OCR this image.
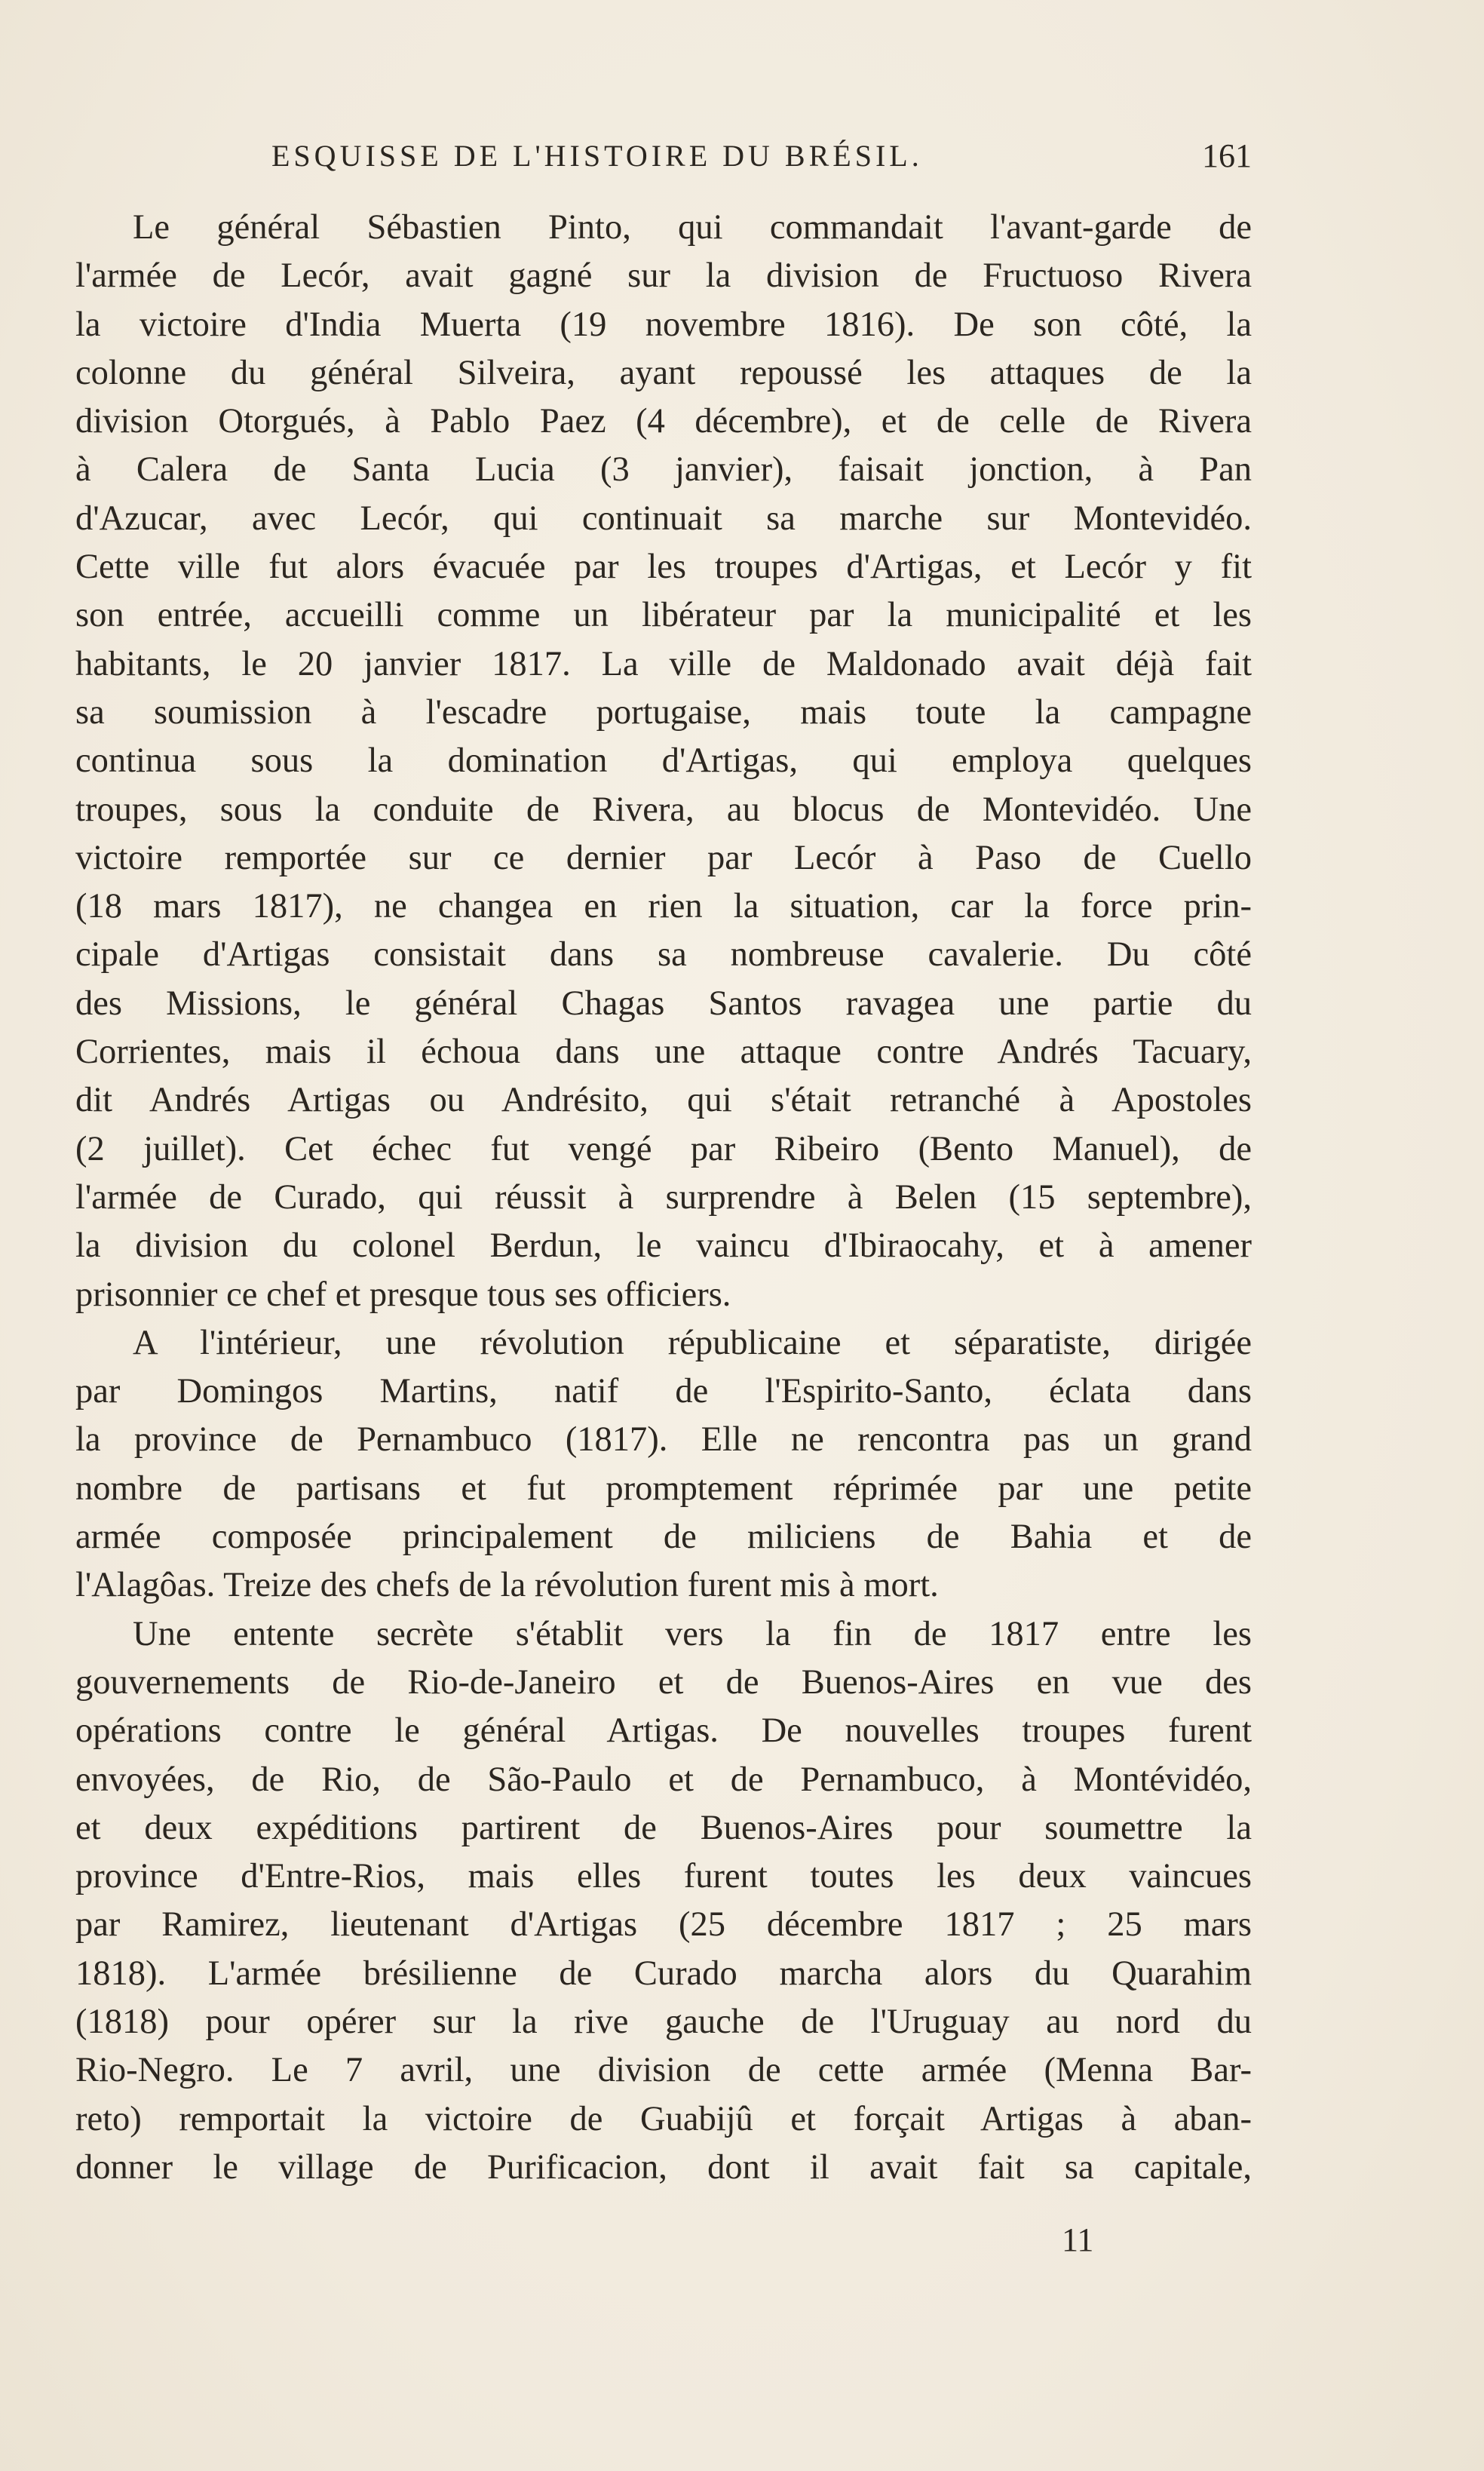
ESQUISSE DE L'HISTOIRE DU BRÉSIL.	161
Le général Sébastien Pinto, qui commandait l'avant-garde de
l'armée de Lecór, avait gagné sur la division de Fructuoso Rivera
la victoire d'India Muerta (19 novembre 1816). De son côté, la
colonne du général Silveira, ayant repoussé les attaques de la
division Otorgués, à Pablo Paez (4 décembre), et de celle de Rivera
à Calera de Santa Lucia (3 janvier), faisait jonction, à Pan
d'Azucar, avec Lecór, qui continuait sa marche sur Montevidéo.
Cette ville fut alors évacuée par les troupes d'Artigas, et Lecór y fit
son entrée, accueilli comme un libérateur par la municipalité et les
habitants, le 20 janvier 1817. La ville de Maldonado avait déjà fait
sa soumission à l'escadre portugaise, mais toute la campagne
continua sous la domination d'Artigas, qui employa quelques
troupes, sous la conduite de Rivera, au blocus de Montevidéo. Une
victoire remportée sur ce dernier par Lecór à Paso de Cuello
(18 mars 1817), ne changea en rien la situation, car la force prin-
cipale d'Artigas consistait dans sa nombreuse cavalerie. Du côté
des Missions, le général Chagas Santos ravagea une partie du
Corrientes, mais il échoua dans une attaque contre Andrés Tacuary,
dit Andrés Artigas ou Andrésito, qui s'était retranché à Apostoles
(2 juillet). Cet échec fut vengé par Ribeiro (Bento Manuel), de
l'armée de Curado, qui réussit à surprendre à Belen (15 septembre),
la division du colonel Berdun, le vaincu d'Ibiraocahy, et à amener
prisonnier ce chef et presque tous ses officiers.
A l'intérieur, une révolution républicaine et séparatiste, dirigée
par Domingos Martins, natif de l'Espirito-Santo, éclata dans
la province de Pernambuco (1817). Elle ne rencontra pas un grand
nombre de partisans et fut promptement réprimée par une petite
armée composée principalement de miliciens de Bahia et de
l'Alagôas. Treize des chefs de la révolution furent mis à mort.
Une entente secrète s'établit vers la fin de 1817 entre les
gouvernements de Rio-de-Janeiro et de Buenos-Aires en vue des
opérations contre le général Artigas. De nouvelles troupes furent
envoyées, de Rio, de São-Paulo et de Pernambuco, à Montévidéo,
et deux expéditions partirent de Buenos-Aires pour soumettre la
province d'Entre-Rios, mais elles furent toutes les deux vaincues
par Ramirez, lieutenant d'Artigas (25 décembre 1817 ; 25 mars
1818). L'armée brésilienne de Curado marcha alors du Quarahim
(1818) pour opérer sur la rive gauche de l'Uruguay au nord du
Rio-Negro. Le 7 avril, une division de cette armée (Menna Bar-
reto) remportait la victoire de Guabijû et forçait Artigas à aban-
donner le village de Purificacion, dont il avait fait sa capitale,
11
